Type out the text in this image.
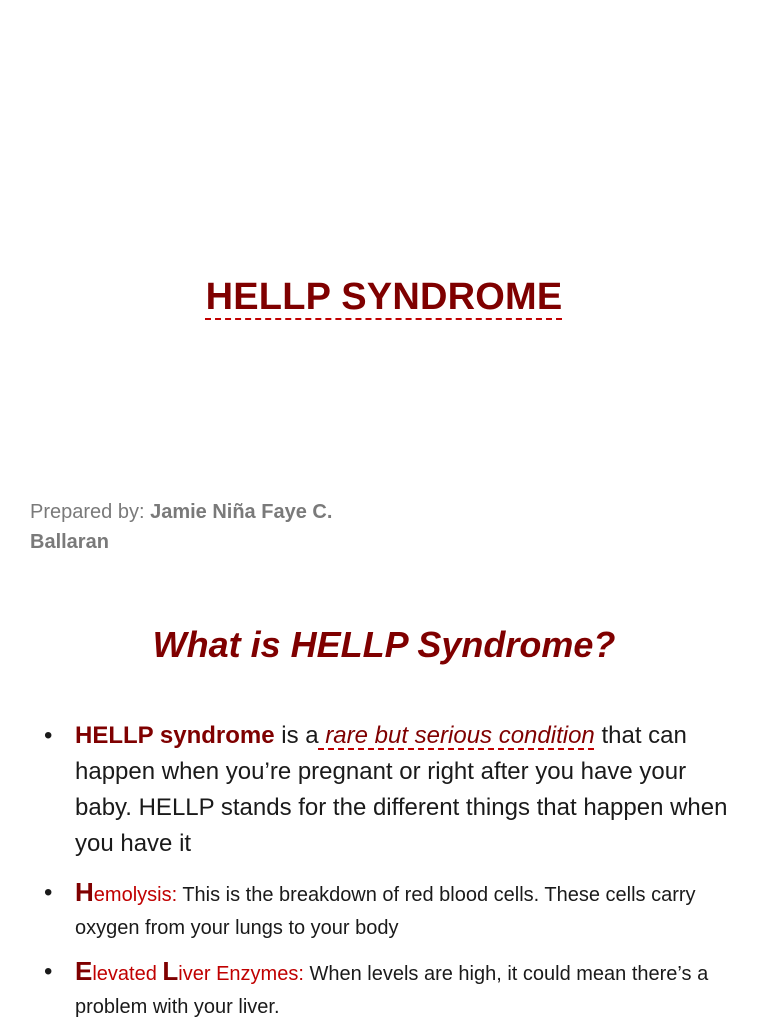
HELLP SYNDROME
Prepared by: Jamie Niña Faye C. Ballaran
What is HELLP Syndrome?
• HELLP syndrome is a rare but serious condition that can happen when you’re pregnant or right after you have your baby. HELLP stands for the different things that happen when you have it
• Hemolysis: This is the breakdown of red blood cells. These cells carry oxygen from your lungs to your body
• Elevated Liver Enzymes: When levels are high, it could mean there’s a problem with your liver.
